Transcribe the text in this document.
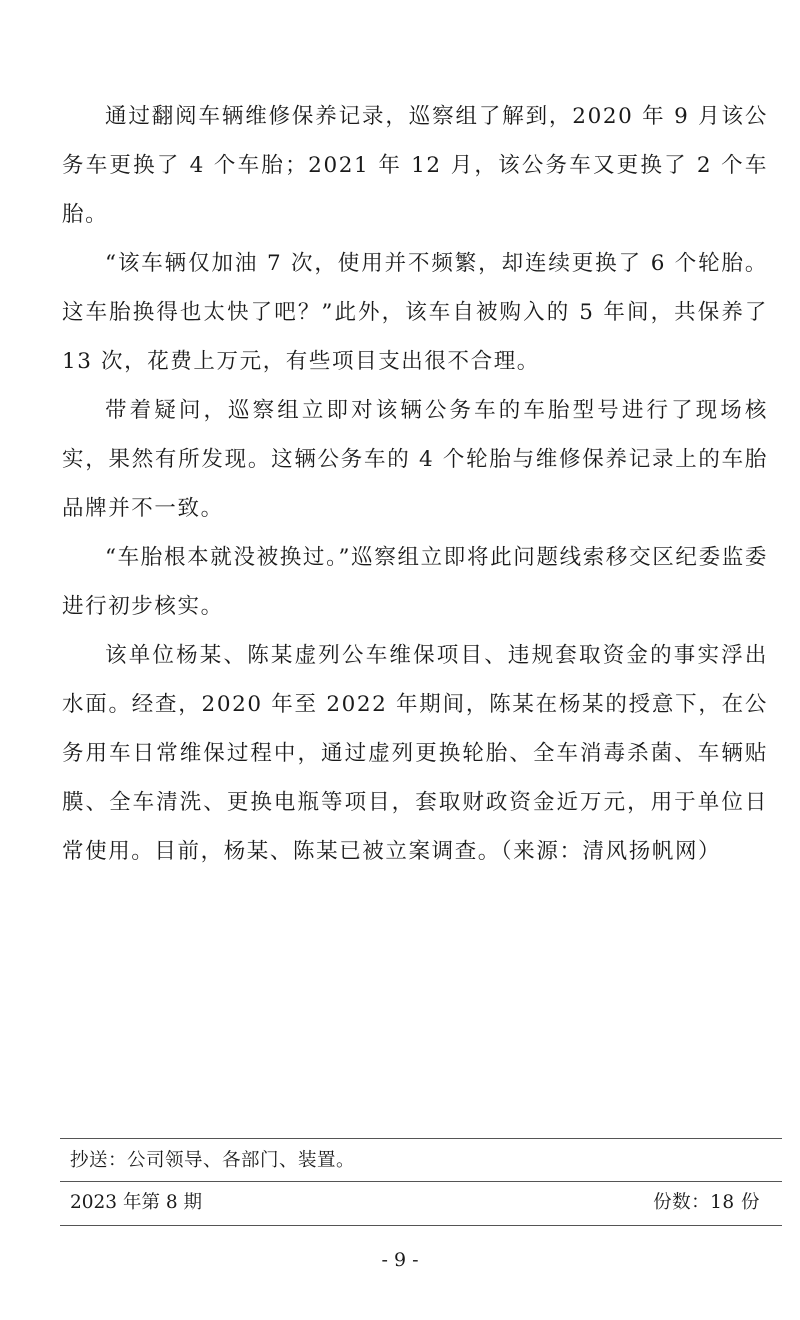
通过翻阅车辆维修保养记录，巡察组了解到，2020 年 9 月该公务车更换了 4 个车胎；2021 年 12 月，该公务车又更换了 2 个车胎。

“该车辆仅加油 7 次，使用并不频繁，却连续更换了 6 个轮胎。这车胎换得也太快了吧？”此外，该车自被购入的 5 年间，共保养了 13 次，花费上万元，有些项目支出很不合理。

带着疑问，巡察组立即对该辆公务车的车胎型号进行了现场核实，果然有所发现。这辆公务车的 4 个轮胎与维修保养记录上的车胎品牌并不一致。

“车胎根本就没被换过。”巡察组立即将此问题线索移交区纪委监委进行初步核实。

该单位杨某、陈某虚列公车维保项目、违规套取资金的事实浮出水面。经查，2020 年至 2022 年期间，陈某在杨某的授意下，在公务用车日常维保过程中，通过虚列更换轮胎、全车消毒杀菌、车辆贴膜、全车清洗、更换电瓶等项目，套取财政资金近万元，用于单位日常使用。目前，杨某、陈某已被立案调查。（来源：清风扬帆网）

抄送：公司领导、各部门、装置。
2023 年第 8 期	份数：18 份
- 9 -
